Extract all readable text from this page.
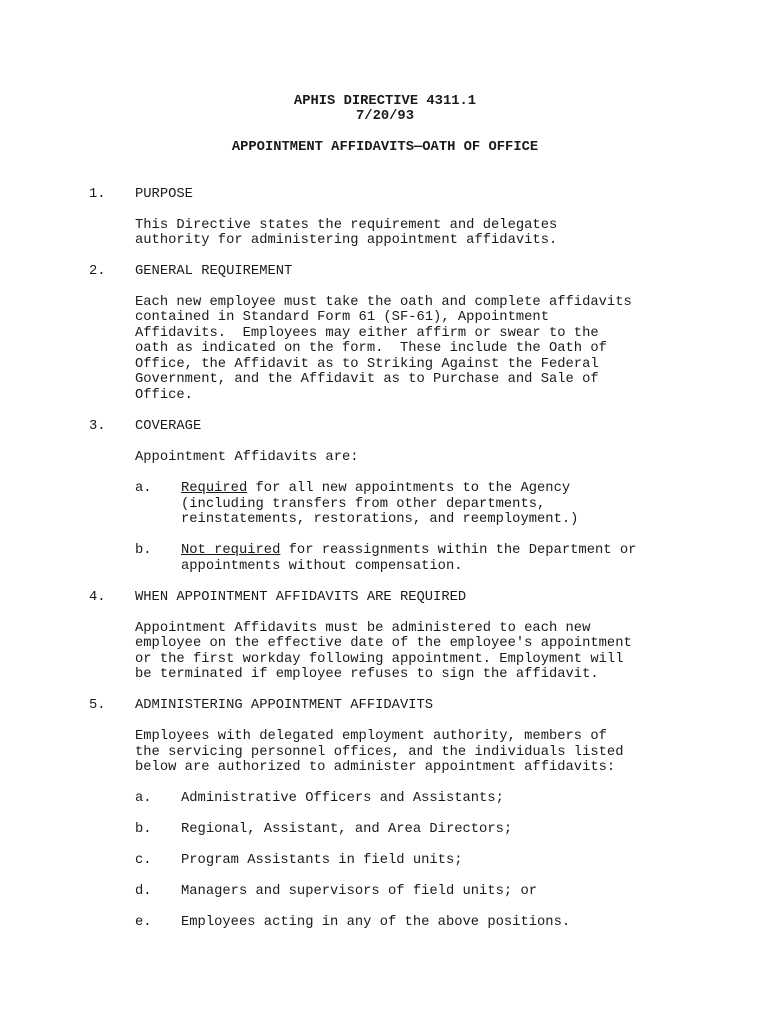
APHIS DIRECTIVE 4311.1
7/20/93
APPOINTMENT AFFIDAVITS—OATH OF OFFICE
1. PURPOSE
This Directive states the requirement and delegates
authority for administering appointment affidavits.
2. GENERAL REQUIREMENT
Each new employee must take the oath and complete affidavits
contained in Standard Form 61 (SF-61), Appointment
Affidavits.  Employees may either affirm or swear to the
oath as indicated on the form.  These include the Oath of
Office, the Affidavit as to Striking Against the Federal
Government, and the Affidavit as to Purchase and Sale of
Office.
3. COVERAGE
Appointment Affidavits are:
a. Required for all new appointments to the Agency
(including transfers from other departments,
reinstatements, restorations, and reemployment.)
b. Not required for reassignments within the Department or
appointments without compensation.
4. WHEN APPOINTMENT AFFIDAVITS ARE REQUIRED
Appointment Affidavits must be administered to each new
employee on the effective date of the employee's appointment
or the first workday following appointment. Employment will
be terminated if employee refuses to sign the affidavit.
5. ADMINISTERING APPOINTMENT AFFIDAVITS
Employees with delegated employment authority, members of
the servicing personnel offices, and the individuals listed
below are authorized to administer appointment affidavits:
a. Administrative Officers and Assistants;
b. Regional, Assistant, and Area Directors;
c. Program Assistants in field units;
d. Managers and supervisors of field units; or
e. Employees acting in any of the above positions.
